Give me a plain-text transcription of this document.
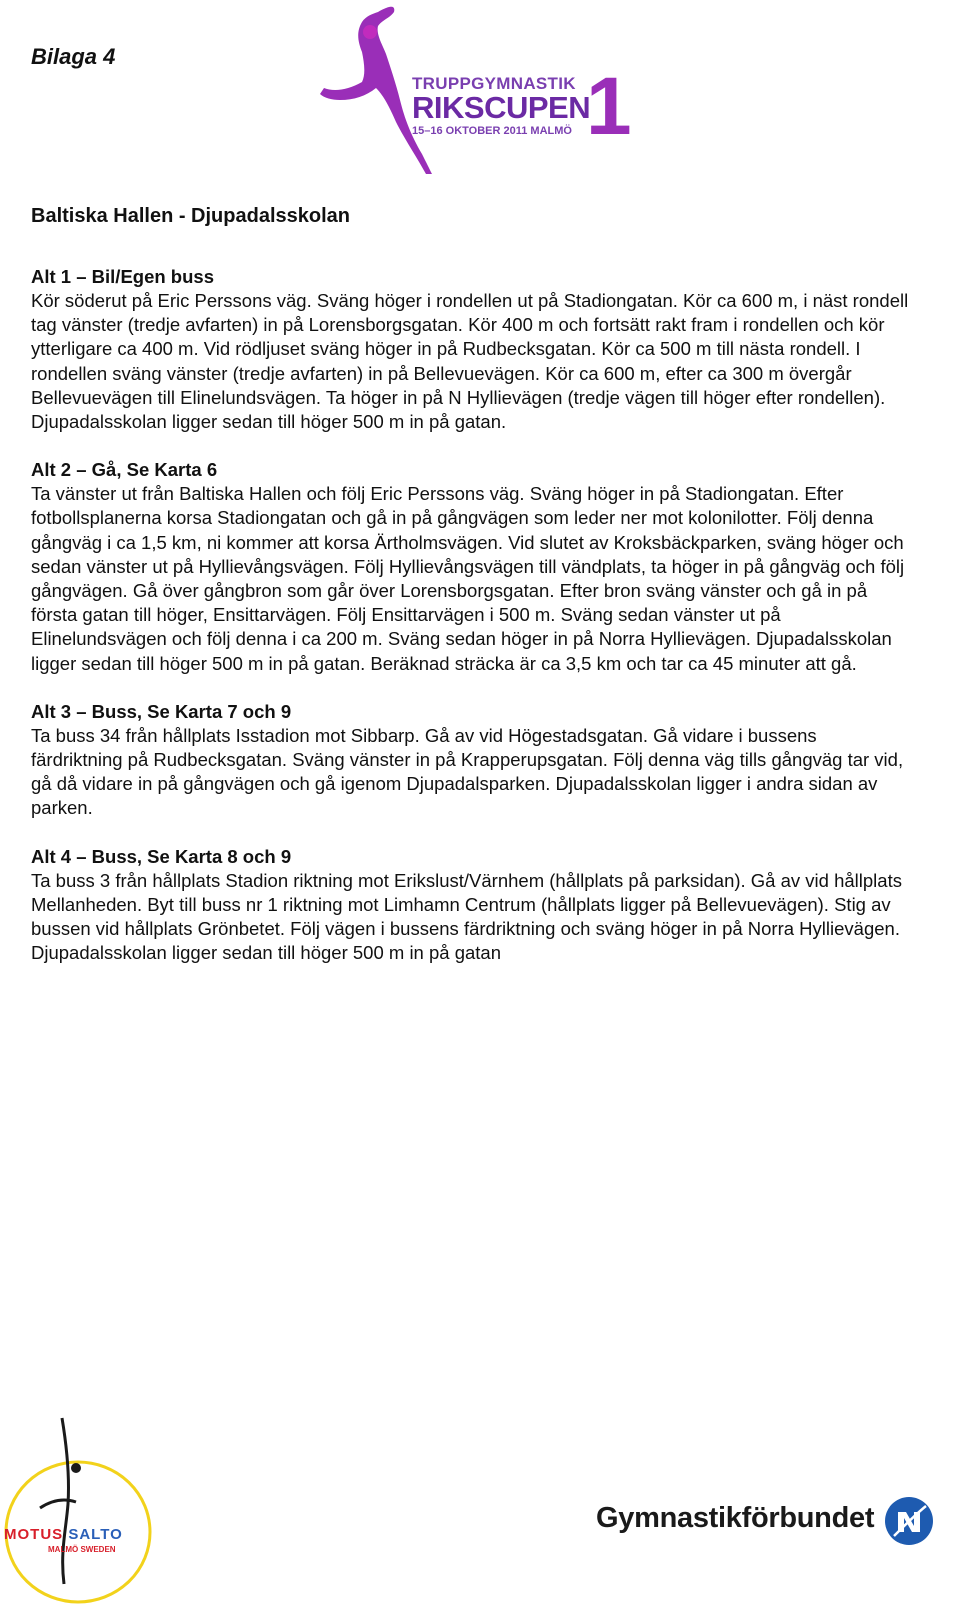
Bilaga 4
TRUPPGYMNASTIK
RIKSCUPEN
15–16 OKTOBER 2011 MALMÖ 1
Baltiska Hallen - Djupadalsskolan
Alt 1 – Bil/Egen buss

Kör söderut på Eric Perssons väg. Sväng höger i rondellen ut på Stadiongatan. Kör ca 600 m, i näst rondell tag vänster (tredje avfarten) in på Lorensborgsgatan. Kör 400 m och fortsätt rakt fram i rondellen och kör ytterligare ca 400 m. Vid rödljuset sväng höger in på Rudbecksgatan. Kör ca 500 m till nästa rondell. I rondellen sväng vänster (tredje avfarten) in på Bellevuevägen. Kör ca 600 m, efter ca 300 m övergår Bellevuevägen till Elinelundsvägen. Ta höger in på N Hyllievägen (tredje vägen till höger efter rondellen). Djupadalsskolan ligger sedan till höger 500 m in på gatan.

Alt 2 – Gå, Se Karta 6

Ta vänster ut från Baltiska Hallen och följ Eric Perssons väg. Sväng höger in på Stadiongatan. Efter fotbollsplanerna korsa Stadiongatan och gå in på gångvägen som leder ner mot kolonilotter. Följ denna gångväg i ca 1,5 km, ni kommer att korsa Ärtholmsvägen. Vid slutet av Kroksbäckparken, sväng höger och sedan vänster ut på Hyllievångsvägen. Följ Hyllievångsvägen till vändplats, ta höger in på gångväg och följ gångvägen. Gå över gångbron som går över Lorensborgsgatan. Efter bron sväng vänster och gå in på första gatan till höger, Ensittarvägen. Följ Ensittarvägen i 500 m. Sväng sedan vänster ut på Elinelundsvägen och följ denna i ca 200 m. Sväng sedan höger in på Norra Hyllievägen. Djupadalsskolan ligger sedan till höger 500 m in på gatan. Beräknad sträcka är ca 3,5 km och tar ca 45 minuter att gå.

Alt 3 – Buss, Se Karta 7 och 9

Ta buss 34 från hållplats Isstadion mot Sibbarp. Gå av vid Högestadsgatan. Gå vidare i bussens färdriktning på Rudbecksgatan. Sväng vänster in på Krapperupsgatan. Följ denna väg tills gångväg tar vid, gå då vidare in på gångvägen och gå igenom Djupadalsparken. Djupadalsskolan ligger i andra sidan av parken.

Alt 4 – Buss, Se Karta 8 och 9

Ta buss 3 från hållplats Stadion riktning mot Erikslust/Värnhem (hållplats på parksidan). Gå av vid hållplats Mellanheden. Byt till buss nr 1 riktning mot Limhamn Centrum (hållplats ligger på Bellevuevägen). Stig av bussen vid hållplats Grönbetet. Följ vägen i bussens färdriktning och sväng höger in på Norra Hyllievägen. Djupadalsskolan ligger sedan till höger 500 m in på gatan

MOTUS SALTO
MALMÖ SWEDEN
Gymnastikförbundet
